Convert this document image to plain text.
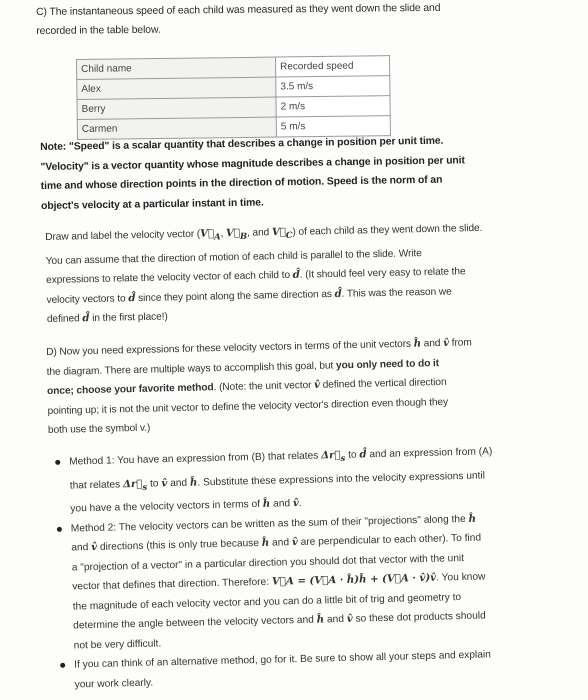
C) The instantaneous speed of each child was measured as they went down the slide and
recorded in the table below.
Child name	Recorded speed
Alex	3.5 m/s
Berry	2 m/s
Carmen	5 m/s
Note: "Speed" is a scalar quantity that describes a change in position per unit time.
"Velocity" is a vector quantity whose magnitude describes a change in position per unit
time and whose direction points in the direction of motion. Speed is the norm of an
object's velocity at a particular instant in time.
Draw and label the velocity vector ($V⃗_A$, $V⃗_B$, and $V⃗_C$) of each child as they went down the slide.
You can assume that the direction of motion of each child is parallel to the slide. Write
expressions to relate the velocity vector of each child to d̂. (It should feel very easy to relate the
velocity vectors to d̂ since they point along the same direction as d̂. This was the reason we
defined d̂ in the first place!)
D) Now you need expressions for these velocity vectors in terms of the unit vectors ĥ and v̂ from
the diagram. There are multiple ways to accomplish this goal, but you only need to do it
once; choose your favorite method. (Note: the unit vector v̂ defined the vertical direction
pointing up; it is not the unit vector to define the velocity vector's direction even though they
both use the symbol v.)
Method 1: You have an expression from (B) that relates $\Delta r⃗_s$ to d̂ and an expression from (A)
that relates $\Delta r⃗_s$ to v̂ and ĥ. Substitute these expressions into the velocity expressions until
you have a the velocity vectors in terms of ĥ and v̂.
Method 2: The velocity vectors can be written as the sum of their "projections" along the ĥ
and v̂ directions (this is only true because ĥ and v̂ are perpendicular to each other). To find
a "projection of a vector" in a particular direction you should dot that vector with the unit
vector that defines that direction. Therefore: V⃗A = (V⃗A · ĥ)ĥ + (V⃗A · v̂)v̂. You know
the magnitude of each velocity vector and you can do a little bit of trig and geometry to
determine the angle between the velocity vectors and ĥ and v̂ so these dot products should
not be very difficult.
If you can think of an alternative method, go for it. Be sure to show all your steps and explain
your work clearly.
